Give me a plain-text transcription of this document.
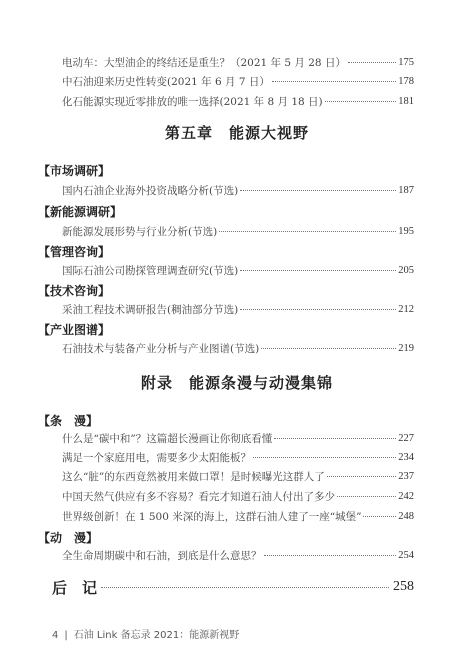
电动车：大型油企的终结还是重生？（2021 年 5 月 28 日）	175
中石油迎来历史性转变(2021 年 6 月 7 日）	178
化石能源实现近零排放的唯一选择(2021 年 8 月 18 日)	181
第五章　能源大视野
【市场调研】
国内石油企业海外投资战略分析(节选)	187
【新能源调研】
新能源发展形势与行业分析(节选)	195
【管理咨询】
国际石油公司勘探管理调查研究(节选)	205
【技术咨询】
采油工程技术调研报告(稠油部分节选)	212
【产业图谱】
石油技术与装备产业分析与产业图谱(节选)	219
附录　能源条漫与动漫集锦
【条　漫】
什么是“碳中和”？这篇超长漫画让你彻底看懂	227
满足一个家庭用电，需要多少太阳能板？	234
这么“脏”的东西竟然被用来做口罩！是时候曝光这群人了	237
中国天然气供应有多不容易？看完才知道石油人付出了多少	242
世界级创新！在 1 500 米深的海上，这群石油人建了一座“城堡”	248
【动　漫】
全生命周期碳中和石油，到底是什么意思？	254
后　记	258
4 | 石油 Link 备忘录 2021：能源新视野
